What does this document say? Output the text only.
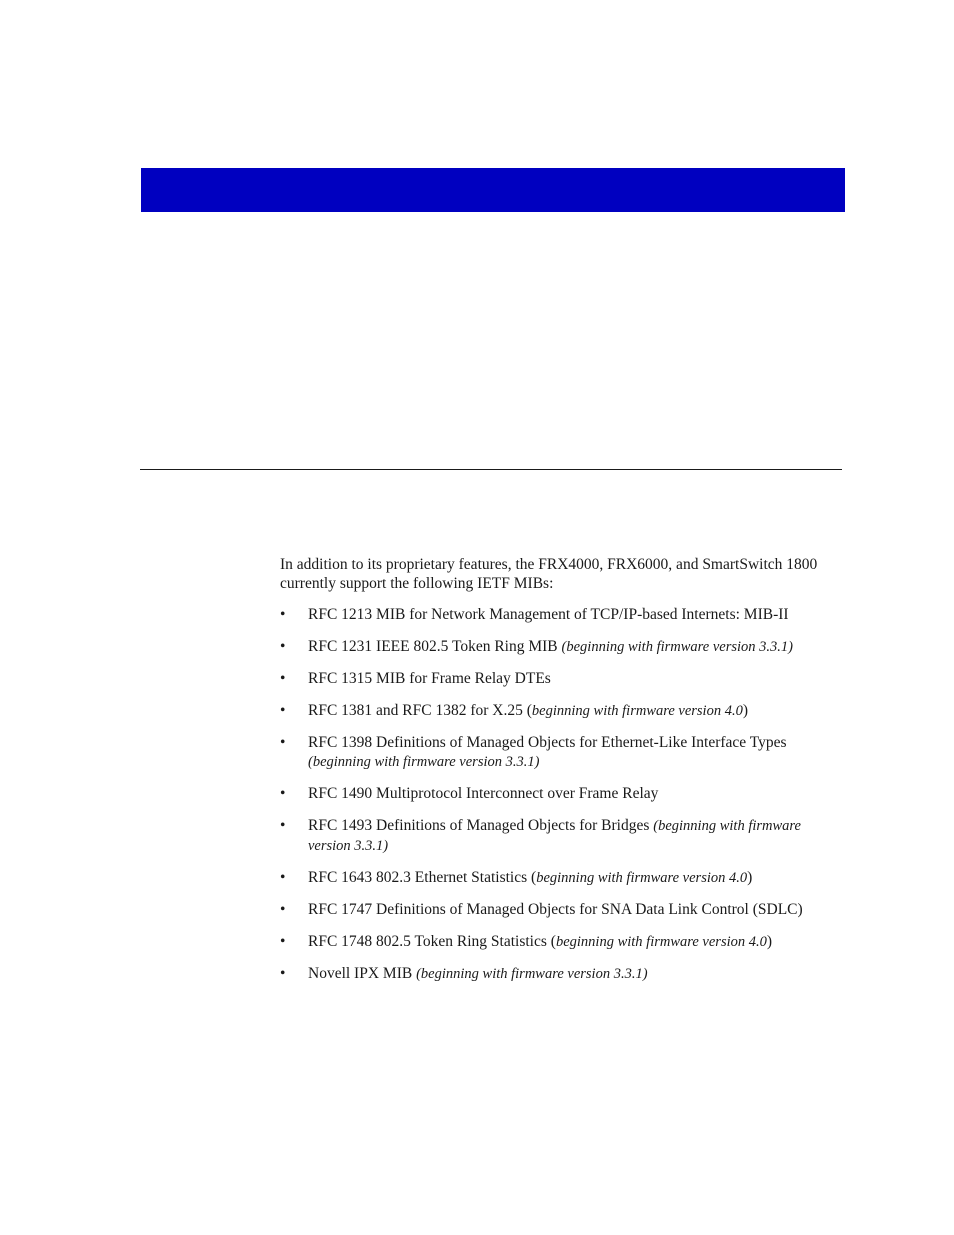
In addition to its proprietary features, the FRX4000, FRX6000, and SmartSwitch 1800 currently support the following IETF MIBs:

•	RFC 1213 MIB for Network Management of TCP/IP-based Internets: MIB-II
•	RFC 1231 IEEE 802.5 Token Ring MIB (beginning with firmware version 3.3.1)
•	RFC 1315 MIB for Frame Relay DTEs
•	RFC 1381 and RFC 1382 for X.25 (beginning with firmware version 4.0)
•	RFC 1398 Definitions of Managed Objects for Ethernet-Like Interface Types (beginning with firmware version 3.3.1)
•	RFC 1490 Multiprotocol Interconnect over Frame Relay
•	RFC 1493 Definitions of Managed Objects for Bridges (beginning with firmware version 3.3.1)
•	RFC 1643 802.3 Ethernet Statistics (beginning with firmware version 4.0)
•	RFC 1747 Definitions of Managed Objects for SNA Data Link Control (SDLC)
•	RFC 1748 802.5 Token Ring Statistics (beginning with firmware version 4.0)
•	Novell IPX MIB (beginning with firmware version 3.3.1)
